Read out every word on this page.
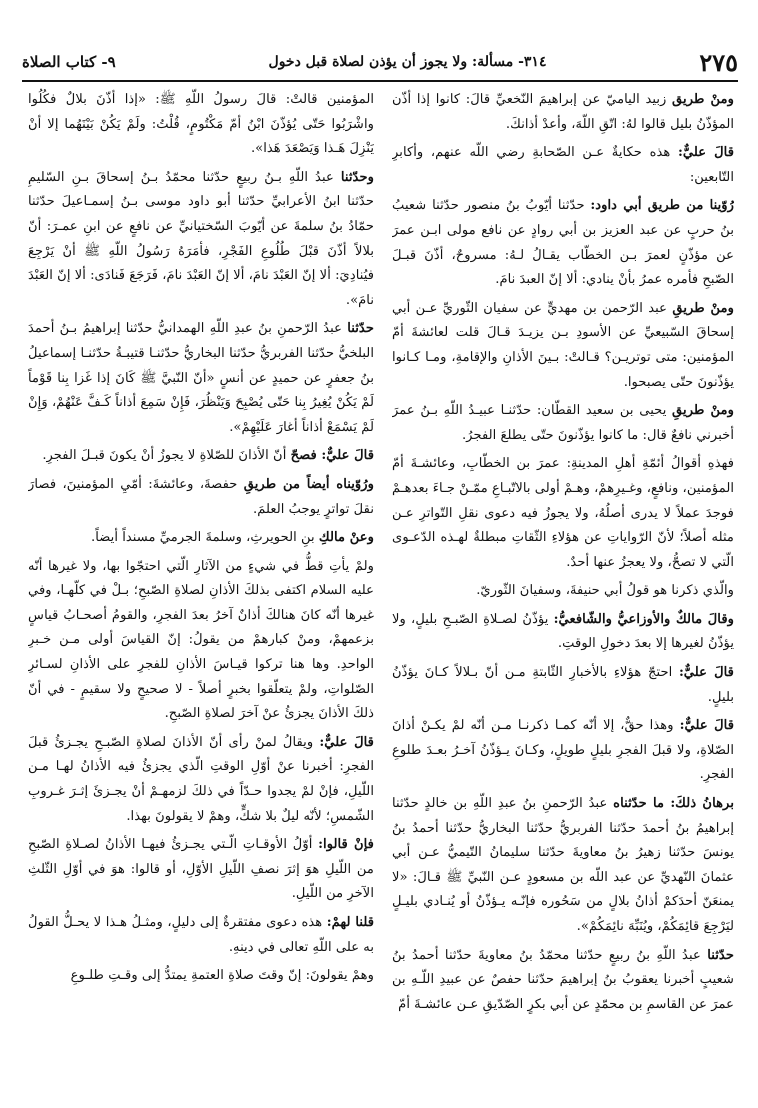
٩- كتاب الصلاة	٣١٤- مسألة: ولا يجوز أن يؤذن لصلاة قبل دخول	٢٧٥

ومنْ طريق زبيد الياميّ عن إبراهيمَ النّخعيِّ قالَ: كانوا إذا أذّن المؤذّنُ بليل قالوا لهُ: اتّقِ اللّهَ، وأعدْ أذانكَ.

قالَ عليٌّ: هذه حكايةٌ عـن الصّحابةِ رضي اللّه عنهم، وأكابرِ التّابعين:

رُوّينا من طريق أبي داود: حدّثنا أيّوبُ بنُ منصور حدّثنا شعيبُ بنُ حربٍ عن عبد العزيز بن أبي روادٍ عن نافع مولى ابـن عمرَ عن مؤذّنٍ لعمرَ بـن الخطّاب يقـالُ لـهُ: مسروحٌ، أذّنَ قبـلَ الصّبحِ فأمره عمرُ بأنْ ينادي: ألا إنّ العبدَ نامَ.

ومنْ طريقِ عبد الرّحمن بن مهديٍّ عن سفيان الثّوريِّ عـن أبي إسحاقَ السّبيعيِّ عن الأسودِ بـن يزيـدَ قـالَ قلت لعائشةَ أمّ المؤمنين: متى توتريـن؟ قـالتْ: بـينَ الأذانِ والإقامةِ، ومـا كـانوا يؤذّنونَ حتّى يصبحوا.

ومنْ طريقِ يحيى بن سعيد القطّان: حدّثنـا عبيـدُ اللّهِ بـنُ عمرَ أخبرني نافعٌ قال: ما كانوا يؤذّنونَ حتّى يطلعَ الفجرُ.

فهذهِ أقوالُ أئمّةِ أهلِ المدينةِ: عمرَ بن الخطّابِ، وعائشـةَ أمّ المؤمنين، ونافعٍ، وغـيرِهمْ، وهـمْ أولى بالاتّبـاعِ ممّـنْ جـاءَ بعدهـمْ فوجدَ عملاً لا يدرى أصلُهُ، ولا يجوزُ فيه دعوى نقلِ التّواترِ عـن مثله أصلاً؛ لأنّ الرّواياتِ عن هؤلاءِ الثّقاتِ مبطلةٌ لهـذه الدّعـوى الّتي لا تصحُّ، ولا يعجزُ عنها أحدٌ.

والّذي ذكرنا هو قولُ أبي حنيفةَ، وسفيانَ الثّوريّ.

وقالَ مالكٌ والأوزاعيُّ والشّافعيُّ: يؤذّنُ لصـلاةِ الصّبـحِ بليلٍ، ولا يؤذّنُ لغيرها إلا بعدَ دخولِ الوقتِ.

قالَ عليٌّ: احتجّ هؤلاءِ بالأخبارِ الثّابتةِ مـن أنّ بـلالاً كـانَ يؤذّنُ بليلٍ.

قالَ عليٌّ: وهذا حقٌّ، إلا أنّه كمـا ذكرنـا مـن أنّه لمْ يكـنْ أذانَ الصّلاةِ، ولا قبلَ الفجرِ بليلٍ طويلٍ، وكـانَ يـؤذّنُ آخـرُ بعـدَ طلوعِ الفجرِ.

برهانُ ذلكَ: ما حدّثناه عبدُ الرّحمنِ بنُ عبدِ اللّهِ بن خالدٍ حدّثنا إبراهيمُ بنُ أحمدَ حدّثنا الفربريُّ حدّثنا البخاريُّ حدّثنا أحمدُ بنُ يونسَ حدّثنا زهيرُ بنُ معاويةَ حدّثنا سليمانُ التّيميُّ عـن أبي عثمانَ النّهديِّ عن عبد اللّه بن مسعودٍ عـن النّبيِّ ﷺ قـالَ: «لا يمنعَنّ أحدَكمْ أذانُ بلالٍ من سَحُوره فإنّـه يـؤذّنُ أو يُنـادي بليـلٍ ليَرْجِعَ قائِمَكُمْ، ويُنَبِّهَ نائِمَكُمْ».

حدّثنا عبدُ اللّهِ بنُ ربيعٍ حدّثنا محمّدُ بنُ معاويةَ حدّثنا أحمدُ بنُ شعيبٍ أخبرنا يعقوبُ بنُ إبراهيمَ حدّثنا حفصٌ عن عبيدِ اللّـهِ بن عمرَ عن القاسمِ بن محمّدٍ عن أبي بكرٍ الصّدّيقِ عـن عائشـةَ أمّ

المؤمنين قالتْ: قالَ رسولُ اللّهِ ﷺ: «إذا أذّنَ بلالٌ فكُلُوا واشْرَبُوا حَتّى يُؤذّنَ ابْنُ أمّ مَكْتُومٍ، قُلْتُ: ولَمْ يَكُنْ بَيْنَهُما إلا أنْ يَنْزِلَ هَـذا وَيَصْعَدَ هَذا».

وحدّثنا عبدُ اللّهِ بـنُ ربيعٍ حدّثنا محمّدُ بـنُ إسحاقَ بـنِ السّليمِ حدّثنا ابنُ الأعرابيِّ حدّثنا أبو داود موسى بـنُ إسمـاعيلَ حدّثنا حمّادُ بنُ سلمةَ عن أيّوبَ السّختيانيِّ عن نافعٍ عن ابنِ عمـرَ: أنّ بلالاً أذّنَ قبْلَ طُلُوعِ الفَجْرِ، فأمَرَهُ رَسُولُ اللّهِ ﷺ أنْ يَرْجِعَ فيُنادِيَ: ألا إنّ العَبْدَ نامَ، ألا إنّ العَبْدَ نامَ، فَرَجَعَ فَنادَى: ألا إنّ العَبْدَ نامَ».

حدّثنا عبدُ الرّحمنِ بنُ عبدِ اللّهِ الهمدانيُّ حدّثنا إبراهيمُ بـنُ أحمدَ البلخيُّ حدّثنا الفربريُّ حدّثنا البخاريُّ حدّثنـا قتيبـةُ حدّثنـا إسماعيلُ بنُ جعفرٍ عن حميدٍ عن أنسٍ «أنّ النّبيَّ ﷺ كَانَ إذا غَزا بِنا قَوْماً لَمْ يَكُنْ يُغِيرُ بِنا حَتّى يُصْبِحَ وَيَنْظُرَ، فَإِنْ سَمِعَ أذاناً كَـفَّ عَنْهُمْ، وَإِنْ لَمْ يَسْمَعْ أذاناً أغارَ عَلَيْهِمْ».

قالَ عليٌّ: فصحّ أنّ الأذانَ للصّلاةِ لا يجوزُ أنْ يكونَ قبـلَ الفجرِ.

ورُوّيناه أيضاً من طريقِ حفصةَ، وعائشةَ: أمّيِ المؤمنينَ، فصارَ نقلَ تواترٍ يوجبُ العلمَ.

وعنْ مالكِ بنِ الحويرثِ، وسلمةَ الجرميِّ مسنداً أيضاً.

ولمْ يأتِ قطُّ في شيءٍ من الآثارِ الّتي احتجّوا بها، ولا غيرها أنّه عليه السلام اكتفى بذلكَ الأذانِ لصلاةِ الصّبحِ؛ بـلْ في كلّهـا، وفي غيرها أنّه كانَ هنالكَ أذانٌ آخرُ بعدَ الفجرِ، والقومُ أصحـابُ قياسٍ بزعمهمْ، ومنْ كبارهمْ من يقولُ: إنّ القياسَ أولى مـن خـبرِ الواحدِ. وها هنا تركوا قيـاسَ الأذانِ للفجرِ على الأذانِ لسـائرِ الصّلواتِ، ولمْ يتعلّقوا بخبرٍ أصلاً - لا صحيحٍ ولا سقيمٍ - في أنّ ذلكَ الأذانَ يجزئُ عنْ آخرَ لصلاةِ الصّبحِ.

قالَ عليٌّ: ويقالُ لمنْ رأى أنّ الأذانَ لصلاةِ الصّبـحِ يجـزئُ قبلَ الفجرِ: أخبرنا عنْ أوّلِ الوقتِ الّذي يجزئُ فيه الأذانُ لهـا مـن اللّيلِ، فإنْ لمْ يجدوا حـدّاً في ذلكَ لزمهـمْ أنْ يجـزئَ إثـرَ غـروبِ الشّمسِ؛ لأنّه ليلٌ بلا شكٍّ، وهمْ لا يقولونَ بهذا.

فإنْ قالوا: أوّلُ الأوقـاتِ الّـتي يجـزئُ فيهـا الأذانُ لصـلاةِ الصّبحِ من اللّيلِ هوَ إثرَ نصفِ اللّيلِ الأوّلِ، أو قالوا: هوَ في أوّلِ الثّلثِ الآخرِ من اللّيلِ.

قلنا لهمْ: هذه دعوى مفتقرةٌ إلى دليلٍ، ومثـلُ هـذا لا يحـلُّ القولُ به على اللّهِ تعالى في دينهِ.

وهمْ يقولونَ: إنّ وقتَ صلاةِ العتمةِ يمتدُّ إلى وقـتِ طلـوعِ
